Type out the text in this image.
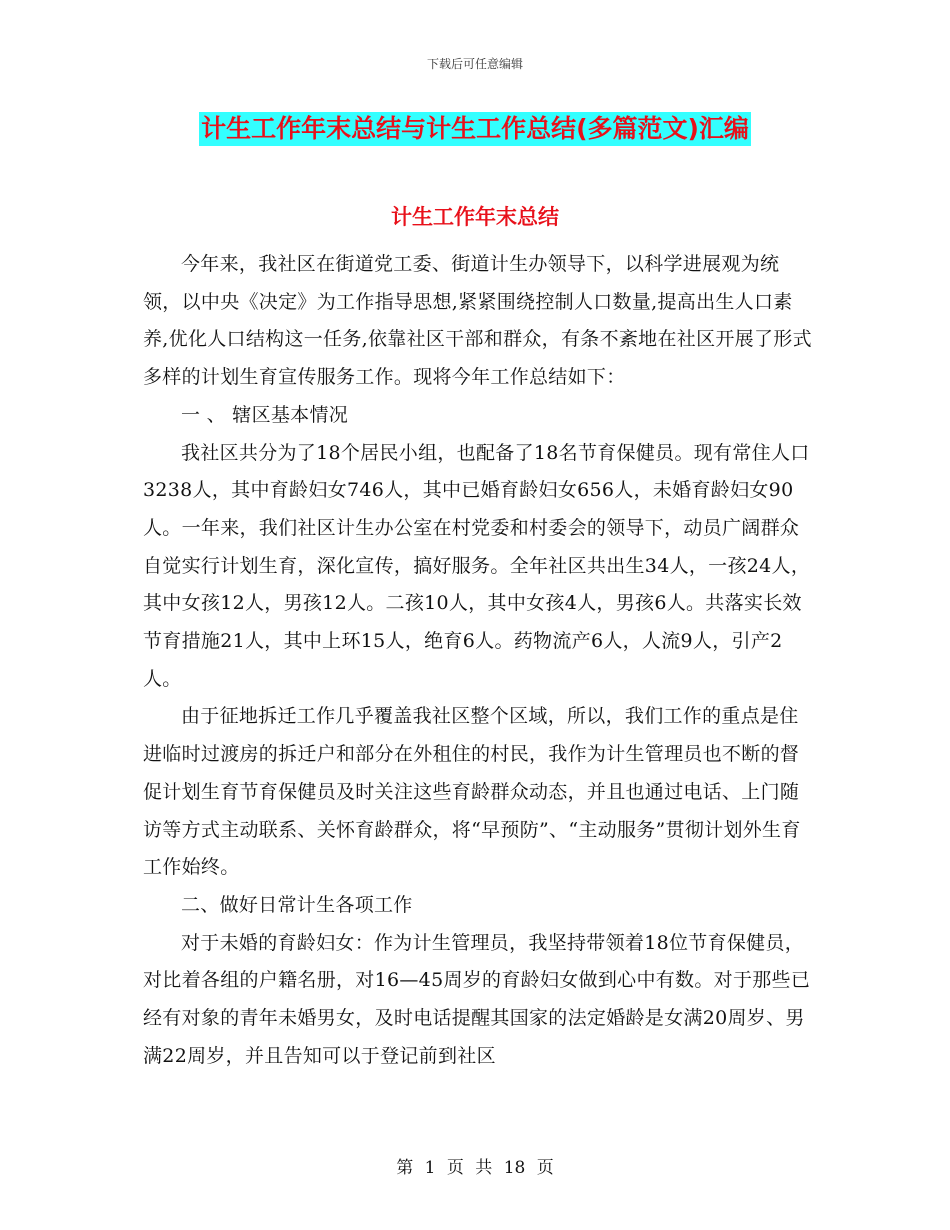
下载后可任意编辑
计生工作年末总结与计生工作总结(多篇范文)汇编
计生工作年末总结

今年来，我社区在街道党工委、街道计生办领导下，以科学进展观为统领，以中央《决定》为工作指导思想,紧紧围绕控制人口数量,提高出生人口素养,优化人口结构这一任务,依靠社区干部和群众，有条不紊地在社区开展了形式多样的计划生育宣传服务工作。现将今年工作总结如下：

一 、 辖区基本情况

我社区共分为了18个居民小组，也配备了18名节育保健员。现有常住人口3238人，其中育龄妇女746人，其中已婚育龄妇女656人，未婚育龄妇女90人。一年来，我们社区计生办公室在村党委和村委会的领导下，动员广阔群众自觉实行计划生育，深化宣传，搞好服务。全年社区共出生34人，一孩24人，其中女孩12人，男孩12人。二孩10人，其中女孩4人，男孩6人。共落实长效节育措施21人，其中上环15人，绝育6人。药物流产6人，人流9人，引产2人。

由于征地拆迁工作几乎覆盖我社区整个区域，所以，我们工作的重点是住进临时过渡房的拆迁户和部分在外租住的村民，我作为计生管理员也不断的督促计划生育节育保健员及时关注这些育龄群众动态，并且也通过电话、上门随访等方式主动联系、关怀育龄群众，将“早预防”、“主动服务”贯彻计划外生育工作始终。

二、做好日常计生各项工作

对于未婚的育龄妇女：作为计生管理员，我坚持带领着18位节育保健员，对比着各组的户籍名册，对16—45周岁的育龄妇女做到心中有数。对于那些已经有对象的青年未婚男女，及时电话提醒其国家的法定婚龄是女满20周岁、男满22周岁，并且告知可以于登记前到社区

第 1 页 共 18 页
